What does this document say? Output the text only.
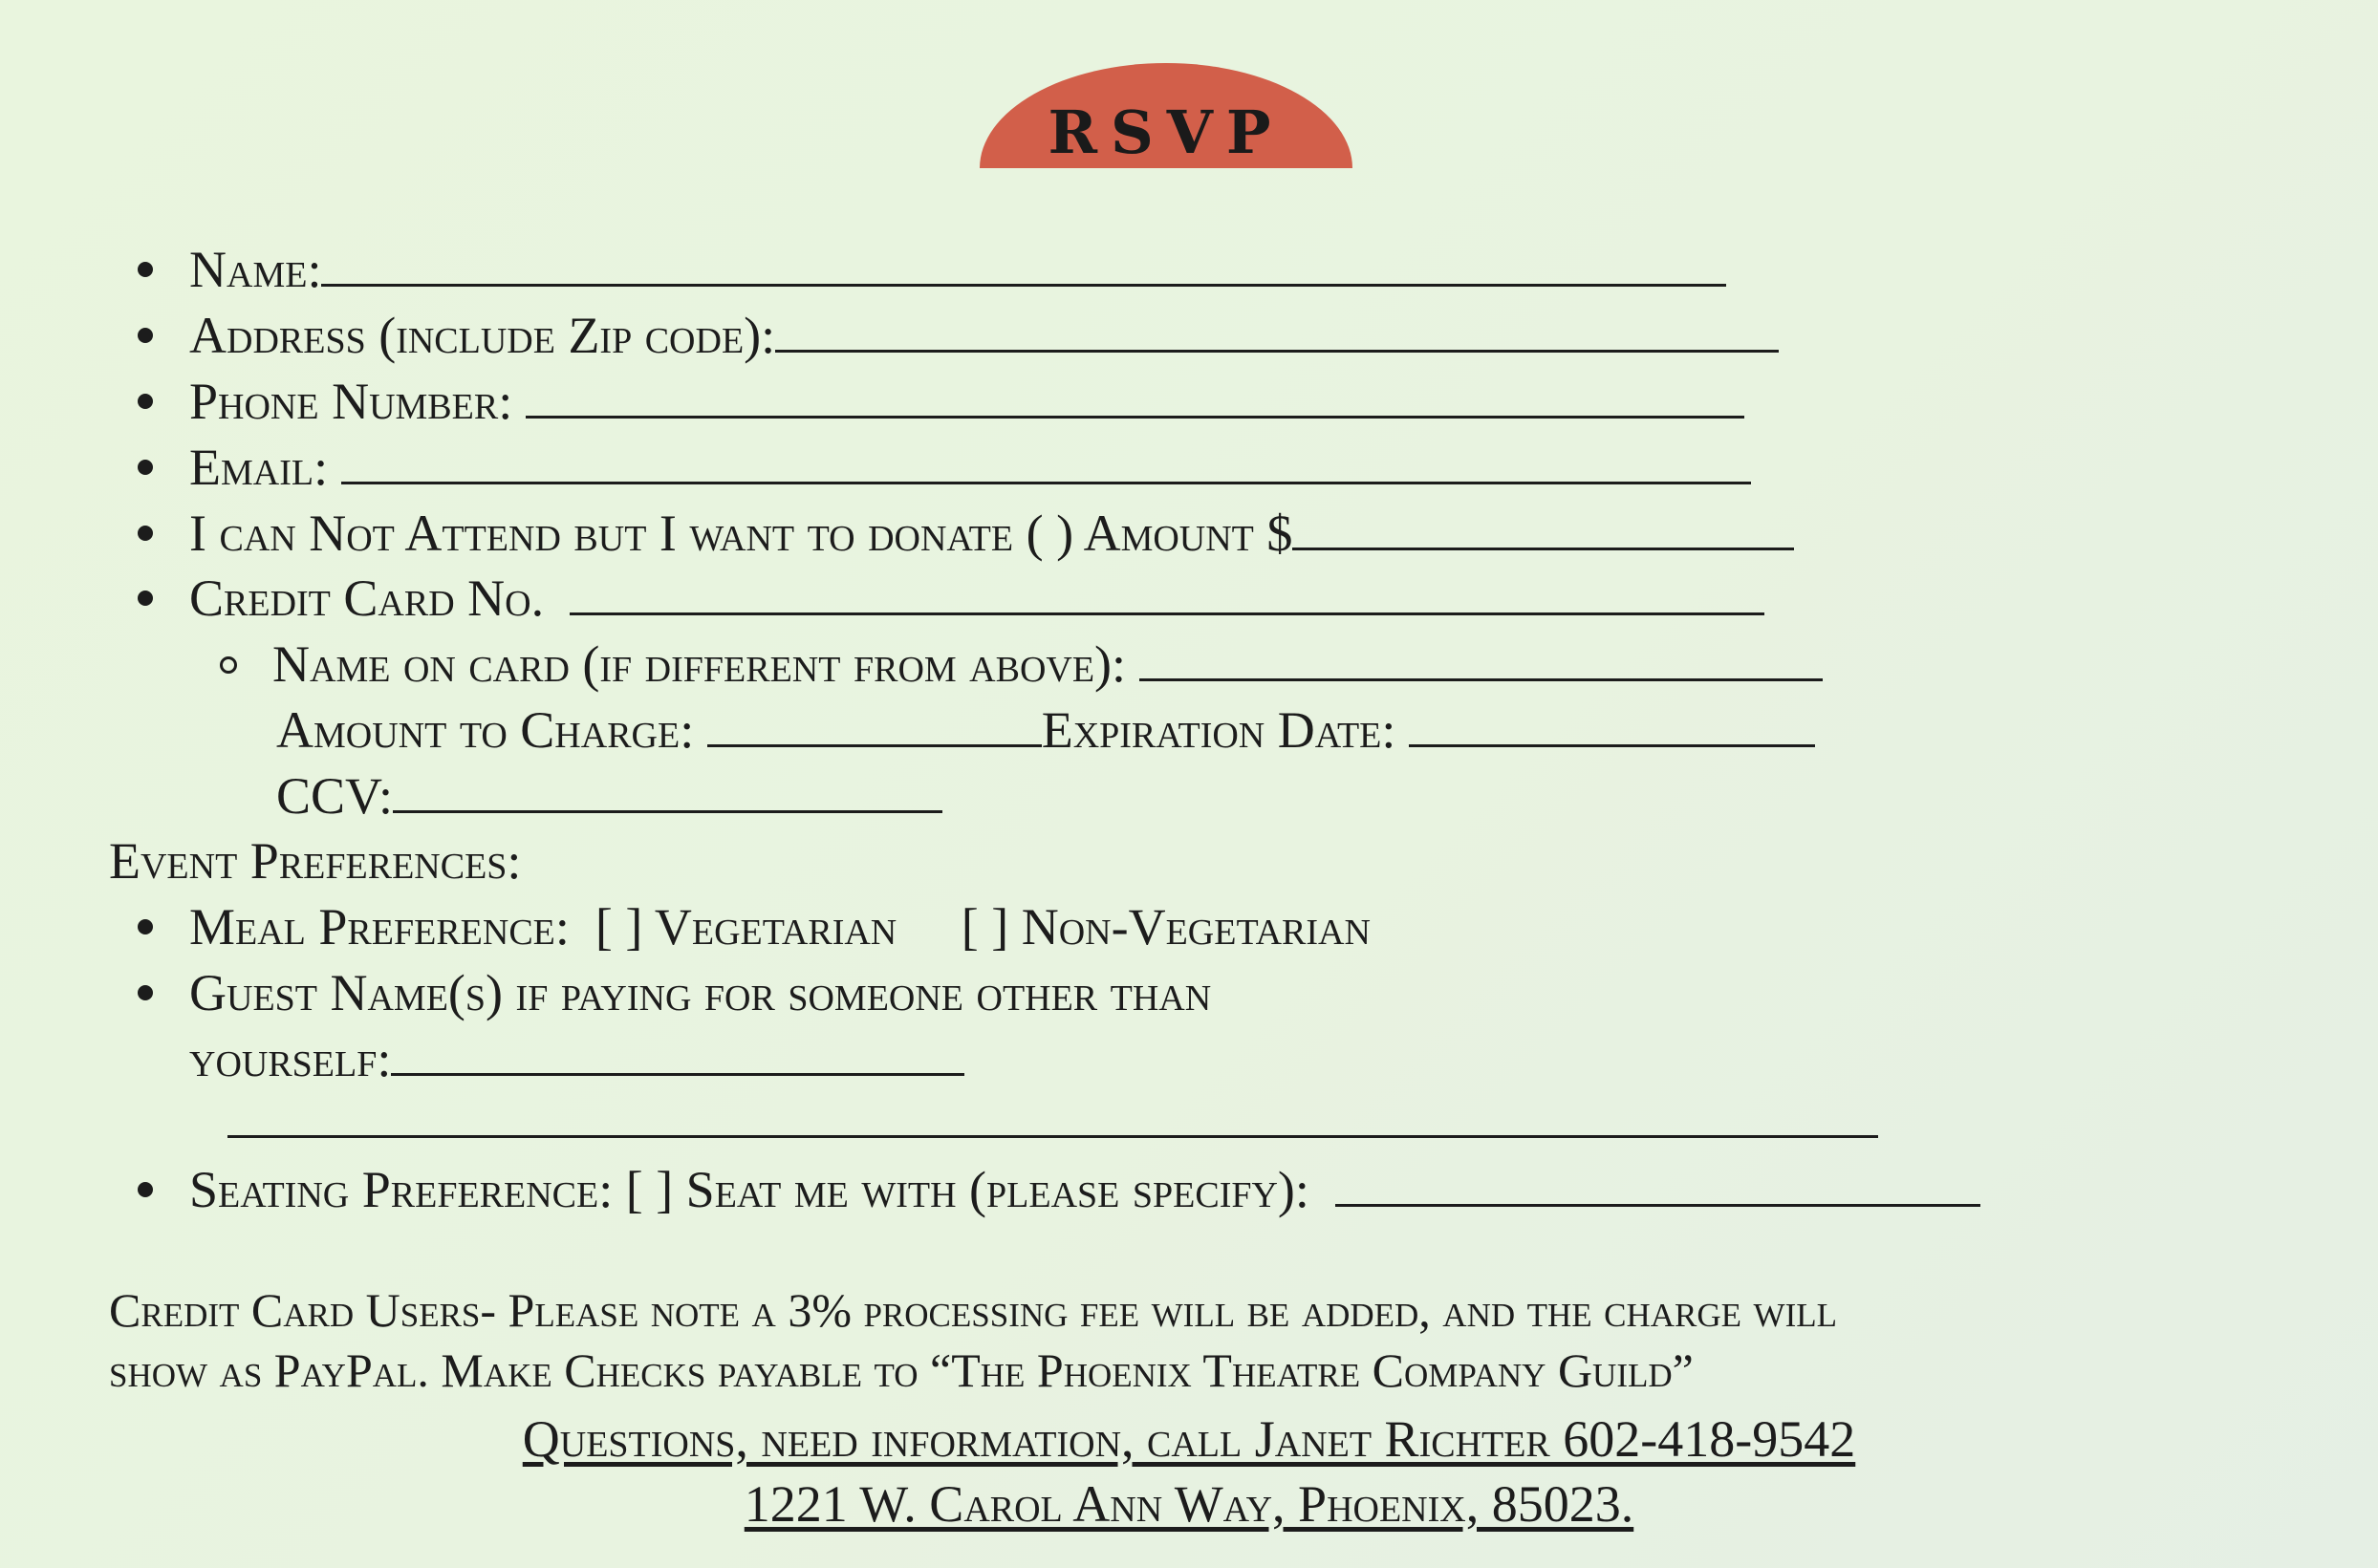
RSVP
Name:
Address (include Zip code):
Phone Number:
Email:
I can Not Attend but I want to donate ( ) Amount $
Credit Card No.
Name on card (if different from above):
Amount to Charge:	Expiration Date:
CCV:
Event Preferences:
Meal Preference: [ ] Vegetarian [ ] Non-Vegetarian
Guest Name(s) if paying for someone other than
yourself:
Seating Preference: [ ] Seat me with (please specify):
Credit Card Users- Please note a 3% processing fee will be added, and the charge will
show as PayPal. Make Checks payable to “The Phoenix Theatre Company Guild”
Questions, need information, call Janet Richter 602-418-9542
1221 W. Carol Ann Way, Phoenix, 85023.
